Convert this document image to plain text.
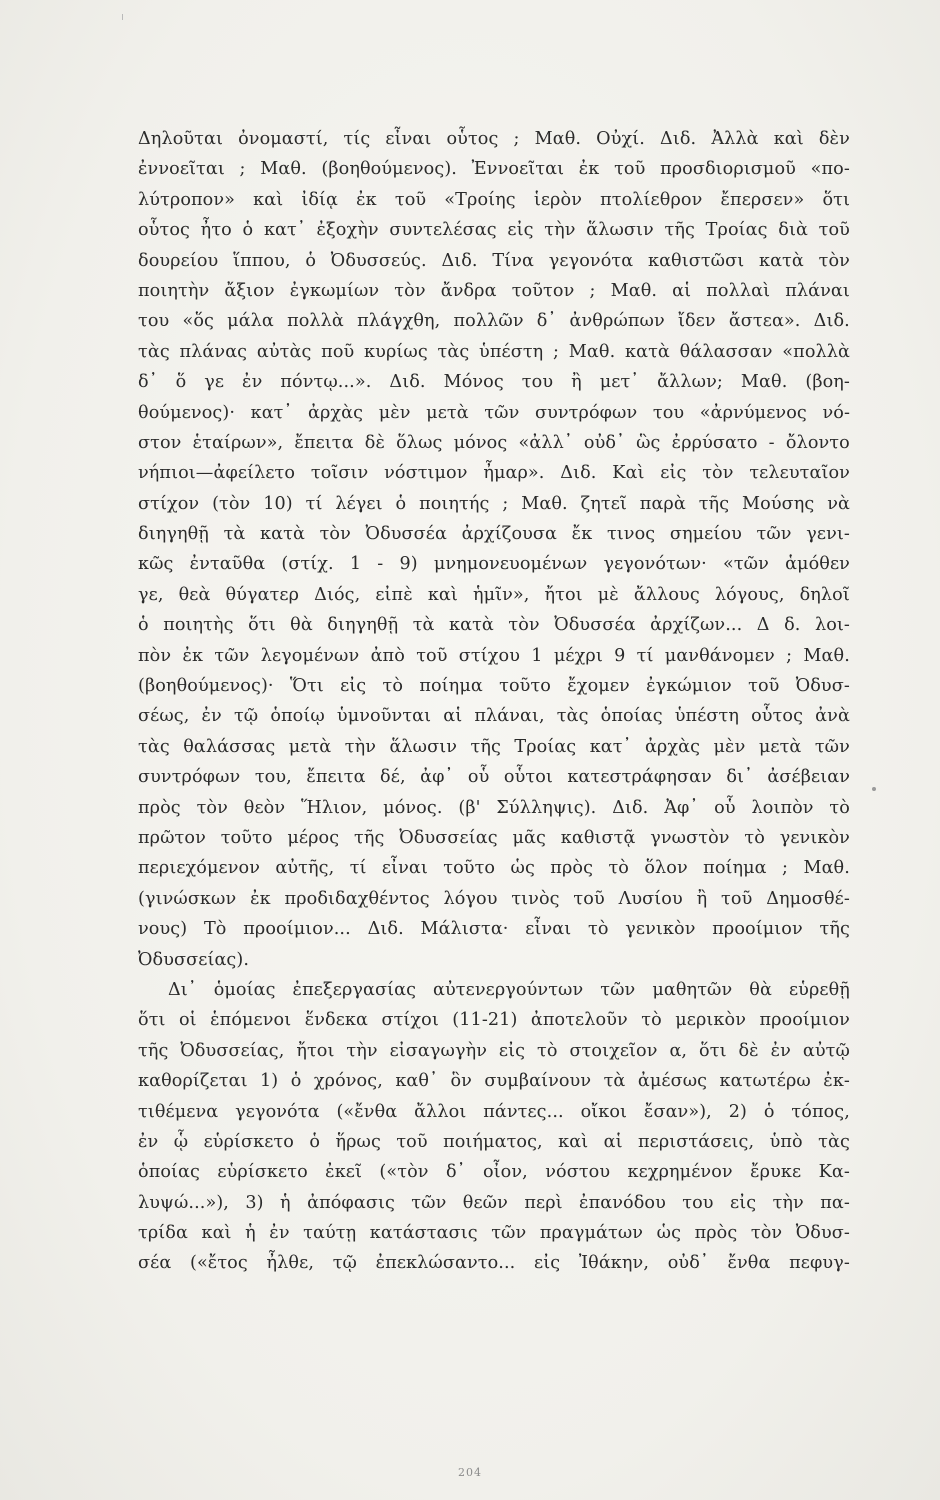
Δηλοῦται ὀνομαστί, τίς εἶναι οὗτος ; Μαθ. Οὐχί. Διδ. Ἀλλὰ καὶ δὲν
ἐννοεῖται ; Μαθ. (βοηθούμενος). Ἐννοεῖται ἐκ τοῦ προσδιορισμοῦ «πο-
λύτροπον» καὶ ἰδίᾳ ἐκ τοῦ «Τροίης ἱερὸν πτολίεθρον ἔπερσεν» ὅτι
οὗτος ἦτο ὁ κατ᾽ ἐξοχὴν συντελέσας εἰς τὴν ἅλωσιν τῆς Τροίας διὰ τοῦ
δουρείου ἵππου, ὁ Ὀδυσσεύς. Διδ. Τίνα γεγονότα καθιστῶσι κατὰ τὸν
ποιητὴν ἄξιον ἐγκωμίων τὸν ἄνδρα τοῦτον ; Μαθ. αἱ πολλαὶ πλάναι
του «ὅς μάλα πολλὰ πλάγχθη, πολλῶν δ᾽ ἀνθρώπων ἴδεν ἄστεα». Διδ.
τὰς πλάνας αὐτὰς ποῦ κυρίως τὰς ὑπέστη ; Μαθ. κατὰ θάλασσαν «πολλὰ
δ᾽ ὅ γε ἐν πόντῳ...». Διδ. Μόνος του ἢ μετ᾽ ἄλλων; Μαθ. (βοη-
θούμενος)· κατ᾽ ἀρχὰς μὲν μετὰ τῶν συντρόφων του «ἀρνύμενος νό-
στον ἑταίρων», ἔπειτα δὲ ὅλως μόνος «ἀλλ᾽ οὐδ᾽ ὣς ἐρρύσατο - ὄλοντο
νήπιοι—ἀφείλετο τοῖσιν νόστιμον ἦμαρ». Διδ. Καὶ εἰς τὸν τελευταῖον
στίχον (τὸν 10) τί λέγει ὁ ποιητής ; Μαθ. ζητεῖ παρὰ τῆς Μούσης νὰ
διηγηθῇ τὰ κατὰ τὸν Ὀδυσσέα ἀρχίζουσα ἔκ τινος σημείου τῶν γενι-
κῶς ἐνταῦθα (στίχ. 1 - 9) μνημονευομένων γεγονότων· «τῶν ἁμόθεν
γε, θεὰ θύγατερ Διός, εἰπὲ καὶ ἡμῖν», ἤτοι μὲ ἄλλους λόγους, δηλοῖ
ὁ ποιητὴς ὅτι θὰ διηγηθῇ τὰ κατὰ τὸν Ὀδυσσέα ἀρχίζων... Δ δ. λοι-
πὸν ἐκ τῶν λεγομένων ἀπὸ τοῦ στίχου 1 μέχρι 9 τί μανθάνομεν ; Μαθ.
(βοηθούμενος)· Ὅτι εἰς τὸ ποίημα τοῦτο ἔχομεν ἐγκώμιον τοῦ Ὀδυσ-
σέως, ἐν τῷ ὁποίῳ ὑμνοῦνται αἱ πλάναι, τὰς ὁποίας ὑπέστη οὗτος ἀνὰ
τὰς θαλάσσας μετὰ τὴν ἅλωσιν τῆς Τροίας κατ᾽ ἀρχὰς μὲν μετὰ τῶν
συντρόφων του, ἔπειτα δέ, ἀφ᾽ οὗ οὗτοι κατεστράφησαν δι᾽ ἀσέβειαν
πρὸς τὸν θεὸν Ἥλιον, μόνος. (β' Σύλληψις). Διδ. Ἀφ᾽ οὗ λοιπὸν τὸ
πρῶτον τοῦτο μέρος τῆς Ὀδυσσείας μᾶς καθιστᾷ γνωστὸν τὸ γενικὸν
περιεχόμενον αὐτῆς, τί εἶναι τοῦτο ὡς πρὸς τὸ ὅλον ποίημα ; Μαθ.
(γινώσκων ἐκ προδιδαχθέντος λόγου τινὸς τοῦ Λυσίου ἢ τοῦ Δημοσθέ-
νους) Τὸ προοίμιον... Διδ. Μάλιστα· εἶναι τὸ γενικὸν προοίμιον τῆς
Ὀδυσσείας).
Δι᾽ ὁμοίας ἐπεξεργασίας αὐτενεργούντων τῶν μαθητῶν θὰ εὑρεθῇ
ὅτι οἱ ἑπόμενοι ἕνδεκα στίχοι (11-21) ἀποτελοῦν τὸ μερικὸν προοίμιον
τῆς Ὀδυσσείας, ἤτοι τὴν εἰσαγωγὴν εἰς τὸ στοιχεῖον α, ὅτι δὲ ἐν αὐτῷ
καθορίζεται 1) ὁ χρόνος, καθ᾽ ὃν συμβαίνουν τὰ ἀμέσως κατωτέρω ἐκ-
τιθέμενα γεγονότα («ἔνθα ἄλλοι πάντες... οἴκοι ἔσαν»), 2) ὁ τόπος,
ἐν ᾧ εὑρίσκετο ὁ ἥρως τοῦ ποιήματος, καὶ αἱ περιστάσεις, ὑπὸ τὰς
ὁποίας εὑρίσκετο ἐκεῖ («τὸν δ᾽ οἶον, νόστου κεχρημένον ἔρυκε Κα-
λυψώ...»), 3) ἡ ἀπόφασις τῶν θεῶν περὶ ἐπανόδου του εἰς τὴν πα-
τρίδα καὶ ἡ ἐν ταύτῃ κατάστασις τῶν πραγμάτων ὡς πρὸς τὸν Ὀδυσ-
σέα («ἔτος ἦλθε, τῷ ἐπεκλώσαντο... εἰς Ἰθάκην, οὐδ᾽ ἔνθα πεφυγ-
204
